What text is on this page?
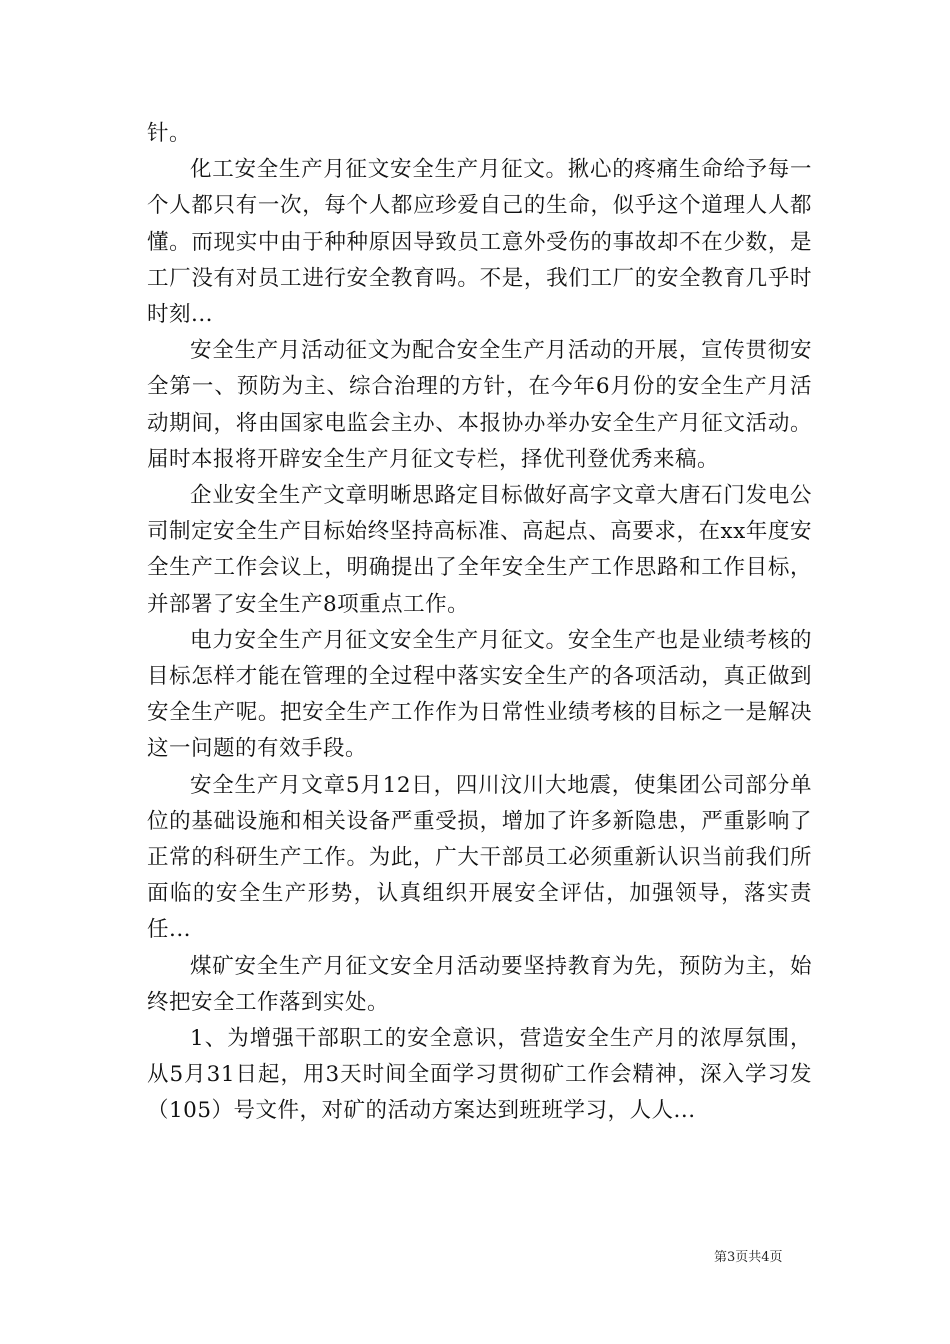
针。

化工安全生产月征文安全生产月征文。揪心的疼痛生命给予每一个人都只有一次，每个人都应珍爱自己的生命，似乎这个道理人人都懂。而现实中由于种种原因导致员工意外受伤的事故却不在少数，是工厂没有对员工进行安全教育吗。不是，我们工厂的安全教育几乎时时刻...

安全生产月活动征文为配合安全生产月活动的开展，宣传贯彻安全第一、预防为主、综合治理的方针，在今年6月份的安全生产月活动期间，将由国家电监会主办、本报协办举办安全生产月征文活动。届时本报将开辟安全生产月征文专栏，择优刊登优秀来稿。

企业安全生产文章明晰思路定目标做好高字文章大唐石门发电公司制定安全生产目标始终坚持高标准、高起点、高要求，在xx年度安全生产工作会议上，明确提出了全年安全生产工作思路和工作目标，并部署了安全生产8项重点工作。

电力安全生产月征文安全生产月征文。安全生产也是业绩考核的目标怎样才能在管理的全过程中落实安全生产的各项活动，真正做到安全生产呢。把安全生产工作作为日常性业绩考核的目标之一是解决这一问题的有效手段。

安全生产月文章5月12日，四川汶川大地震，使集团公司部分单位的基础设施和相关设备严重受损，增加了许多新隐患，严重影响了正常的科研生产工作。为此，广大干部员工必须重新认识当前我们所面临的安全生产形势，认真组织开展安全评估，加强领导，落实责任...

煤矿安全生产月征文安全月活动要坚持教育为先，预防为主，始终把安全工作落到实处。

1、为增强干部职工的安全意识，营造安全生产月的浓厚氛围，从5月31日起，用3天时间全面学习贯彻矿工作会精神，深入学习发（105）号文件，对矿的活动方案达到班班学习，人人...

第3页共4页
